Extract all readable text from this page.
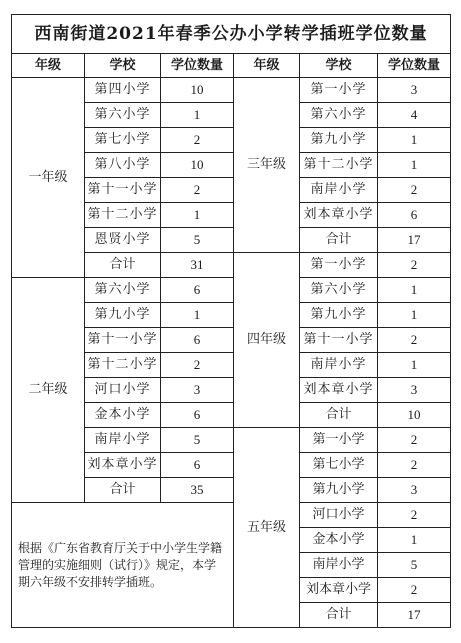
西南街道2021年春季公办小学转学插班学位数量					
年级	学校	学位数量	年级	学校	学位数量
一年级	第四小学	10	三年级	第一小学	3
	第六小学	1		第六小学	4
	第七小学	2		第九小学	1
	第八小学	10		第十二小学	1
	第十一小学	2		南岸小学	2
	第十二小学	1		刘本章小学	6
	恩贤小学	5		合计	17
	合计	31	四年级	第一小学	2
二年级	第六小学	6		第六小学	1
	第九小学	1		第九小学	1
	第十一小学	6		第十一小学	2
	第十二小学	2		南岸小学	1
	河口小学	3		刘本章小学	3
	金本小学	6		合计	10
	南岸小学	5	五年级	第一小学	2
	刘本章小学	6		第七小学	2
	合计	35		第九小学	3
根据《广东省教育厅关于中小学生学籍管理的实施细则（试行）》规定，本学期六年级不安排转学插班。				河口小学	2
				金本小学	1
				南岸小学	5
				刘本章小学	2
				合计	17
